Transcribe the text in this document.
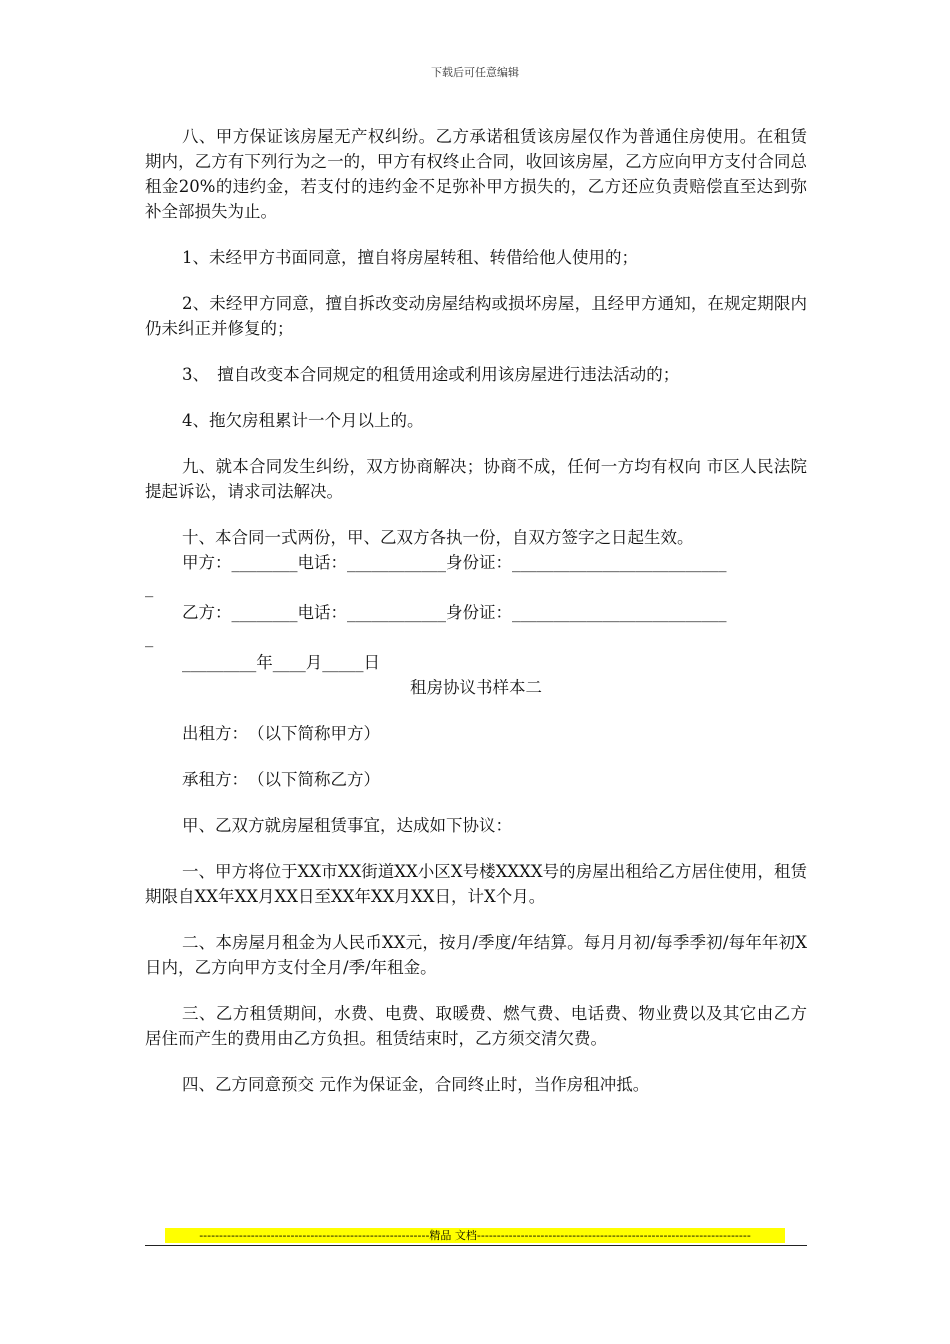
下载后可任意编辑

八、甲方保证该房屋无产权纠纷。乙方承诺租赁该房屋仅作为普通住房使用。在租赁期内，乙方有下列行为之一的，甲方有权终止合同，收回该房屋，乙方应向甲方支付合同总租金20%的违约金，若支付的违约金不足弥补甲方损失的，乙方还应负责赔偿直至达到弥补全部损失为止。

1、未经甲方书面同意，擅自将房屋转租、转借给他人使用的；

2、未经甲方同意，擅自拆改变动房屋结构或损坏房屋，且经甲方通知，在规定期限内仍未纠正并修复的；

3、　擅自改变本合同规定的租赁用途或利用该房屋进行违法活动的；

4、拖欠房租累计一个月以上的。

九、就本合同发生纠纷，双方协商解决；协商不成，任何一方均有权向 市区人民法院提起诉讼，请求司法解决。

十、本合同一式两份，甲、乙双方各执一份，自双方签字之日起生效。

甲方：________电话：____________身份证：__________________________

_

乙方：________电话：____________身份证：__________________________

_

_________年____月_____日

租房协议书样本二

出租方：　（以下简称甲方）

承租方：　（以下简称乙方）

甲、乙双方就房屋租赁事宜，达成如下协议：

一、甲方将位于XX市XX街道XX小区X号楼XXXX号的房屋出租给乙方居住使用，租赁期限自XX年XX月XX日至XX年XX月XX日，计X个月。

二、本房屋月租金为人民币XX元，按月/季度/年结算。每月月初/每季季初/每年年初X日内，乙方向甲方支付全月/季/年租金。

三、乙方租赁期间，水费、电费、取暖费、燃气费、电话费、物业费以及其它由乙方居住而产生的费用由乙方负担。租赁结束时，乙方须交清欠费。

四、乙方同意预交 元作为保证金，合同终止时，当作房租冲抵。

----------------------------------------------------------精品 文档---------------------------------------------------------------------
